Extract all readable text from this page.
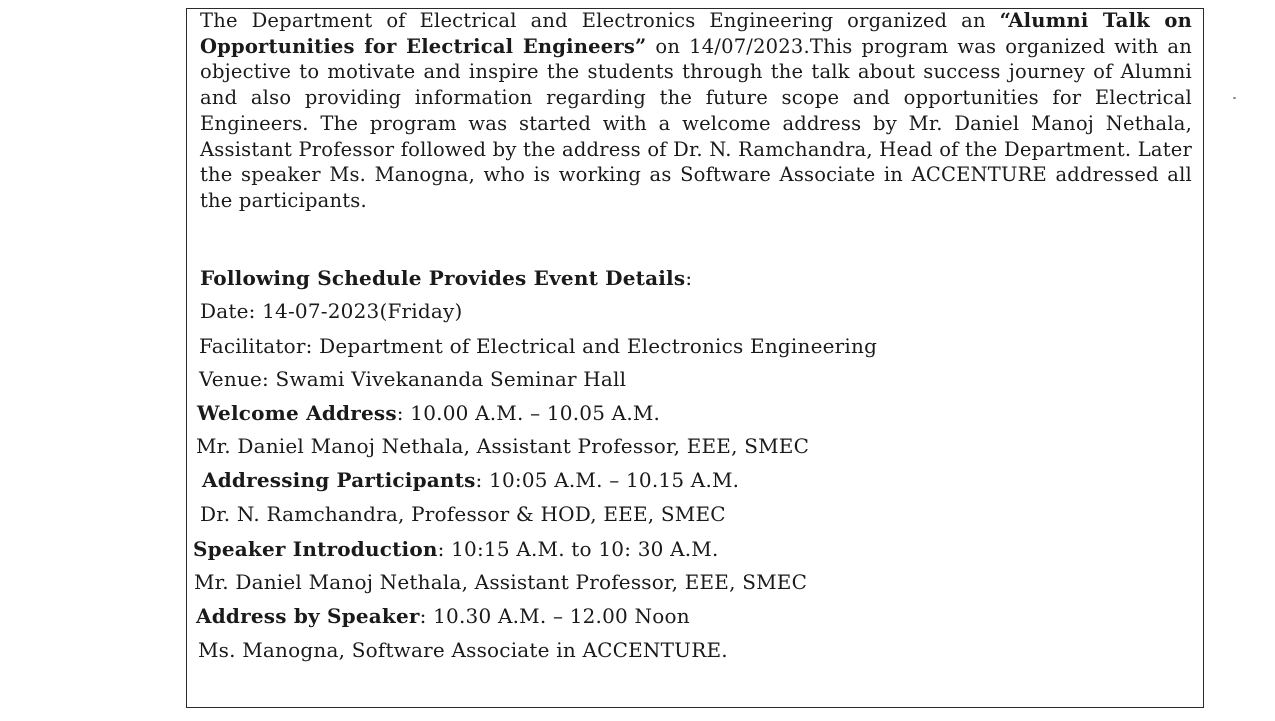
The Department of Electrical and Electronics Engineering organized an “Alumni Talk on Opportunities for Electrical Engineers” on 14/07/2023.This program was organized with an objective to motivate and inspire the students through the talk about success journey of Alumni and also providing information regarding the future scope and opportunities for Electrical Engineers. The program was started with a welcome address by Mr. Daniel Manoj Nethala, Assistant Professor followed by the address of Dr. N. Ramchandra, Head of the Department. Later the speaker Ms. Manogna, who is working as Software Associate in ACCENTURE addressed all the participants.
Following Schedule Provides Event Details:
Date: 14-07-2023(Friday)
Facilitator: Department of Electrical and Electronics Engineering
Venue: Swami Vivekananda Seminar Hall
Welcome Address: 10.00 A.M. – 10.05 A.M.
Mr. Daniel Manoj Nethala, Assistant Professor, EEE, SMEC
Addressing Participants: 10:05 A.M. – 10.15 A.M.
Dr. N. Ramchandra, Professor & HOD, EEE, SMEC
Speaker Introduction: 10:15 A.M. to 10: 30 A.M.
Mr. Daniel Manoj Nethala, Assistant Professor, EEE, SMEC
Address by Speaker: 10.30 A.M. – 12.00 Noon
Ms. Manogna, Software Associate in ACCENTURE.
